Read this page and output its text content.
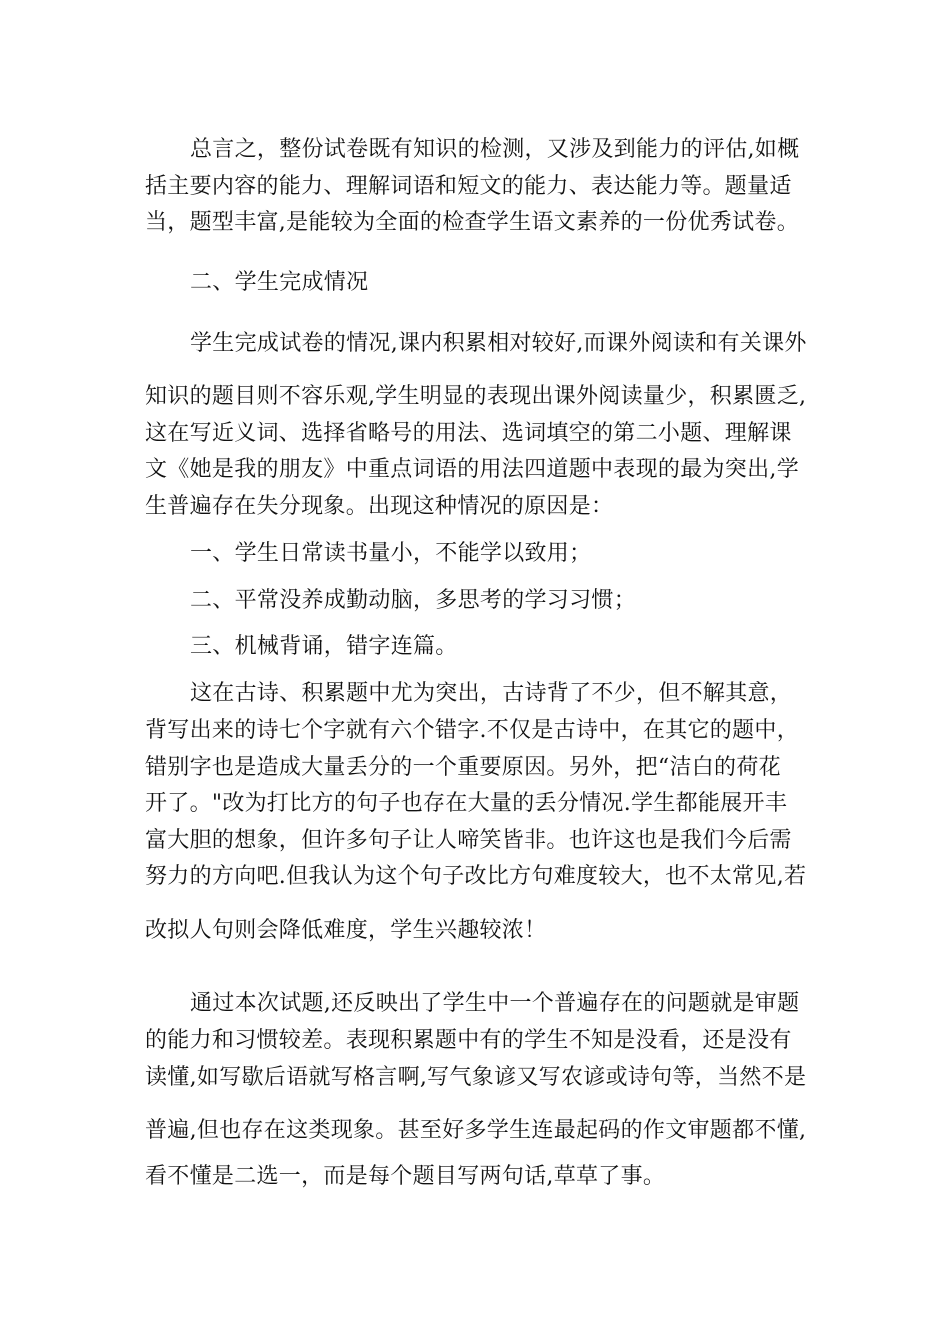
总言之，整份试卷既有知识的检测，又涉及到能力的评估,如概
括主要内容的能力、理解词语和短文的能力、表达能力等。题量适
当，题型丰富,是能较为全面的检查学生语文素养的一份优秀试卷。
二、学生完成情况
学生完成试卷的情况,课内积累相对较好,而课外阅读和有关课外
知识的题目则不容乐观,学生明显的表现出课外阅读量少，积累匮乏,
这在写近义词、选择省略号的用法、选词填空的第二小题、理解课
文《她是我的朋友》中重点词语的用法四道题中表现的最为突出,学
生普遍存在失分现象。出现这种情况的原因是：
一、学生日常读书量小，不能学以致用；
二、平常没养成勤动脑，多思考的学习习惯；
三、机械背诵，错字连篇。
这在古诗、积累题中尤为突出，古诗背了不少，但不解其意，
背写出来的诗七个字就有六个错字.不仅是古诗中，在其它的题中，
错别字也是造成大量丢分的一个重要原因。另外，把“洁白的荷花
开了。"改为打比方的句子也存在大量的丢分情况.学生都能展开丰
富大胆的想象，但许多句子让人啼笑皆非。也许这也是我们今后需
努力的方向吧.但我认为这个句子改比方句难度较大，也不太常见,若
改拟人句则会降低难度，学生兴趣较浓！
通过本次试题,还反映出了学生中一个普遍存在的问题就是审题
的能力和习惯较差。表现积累题中有的学生不知是没看，还是没有
读懂,如写歇后语就写格言啊,写气象谚又写农谚或诗句等，当然不是
普遍,但也存在这类现象。甚至好多学生连最起码的作文审题都不懂,
看不懂是二选一，而是每个题目写两句话,草草了事。
